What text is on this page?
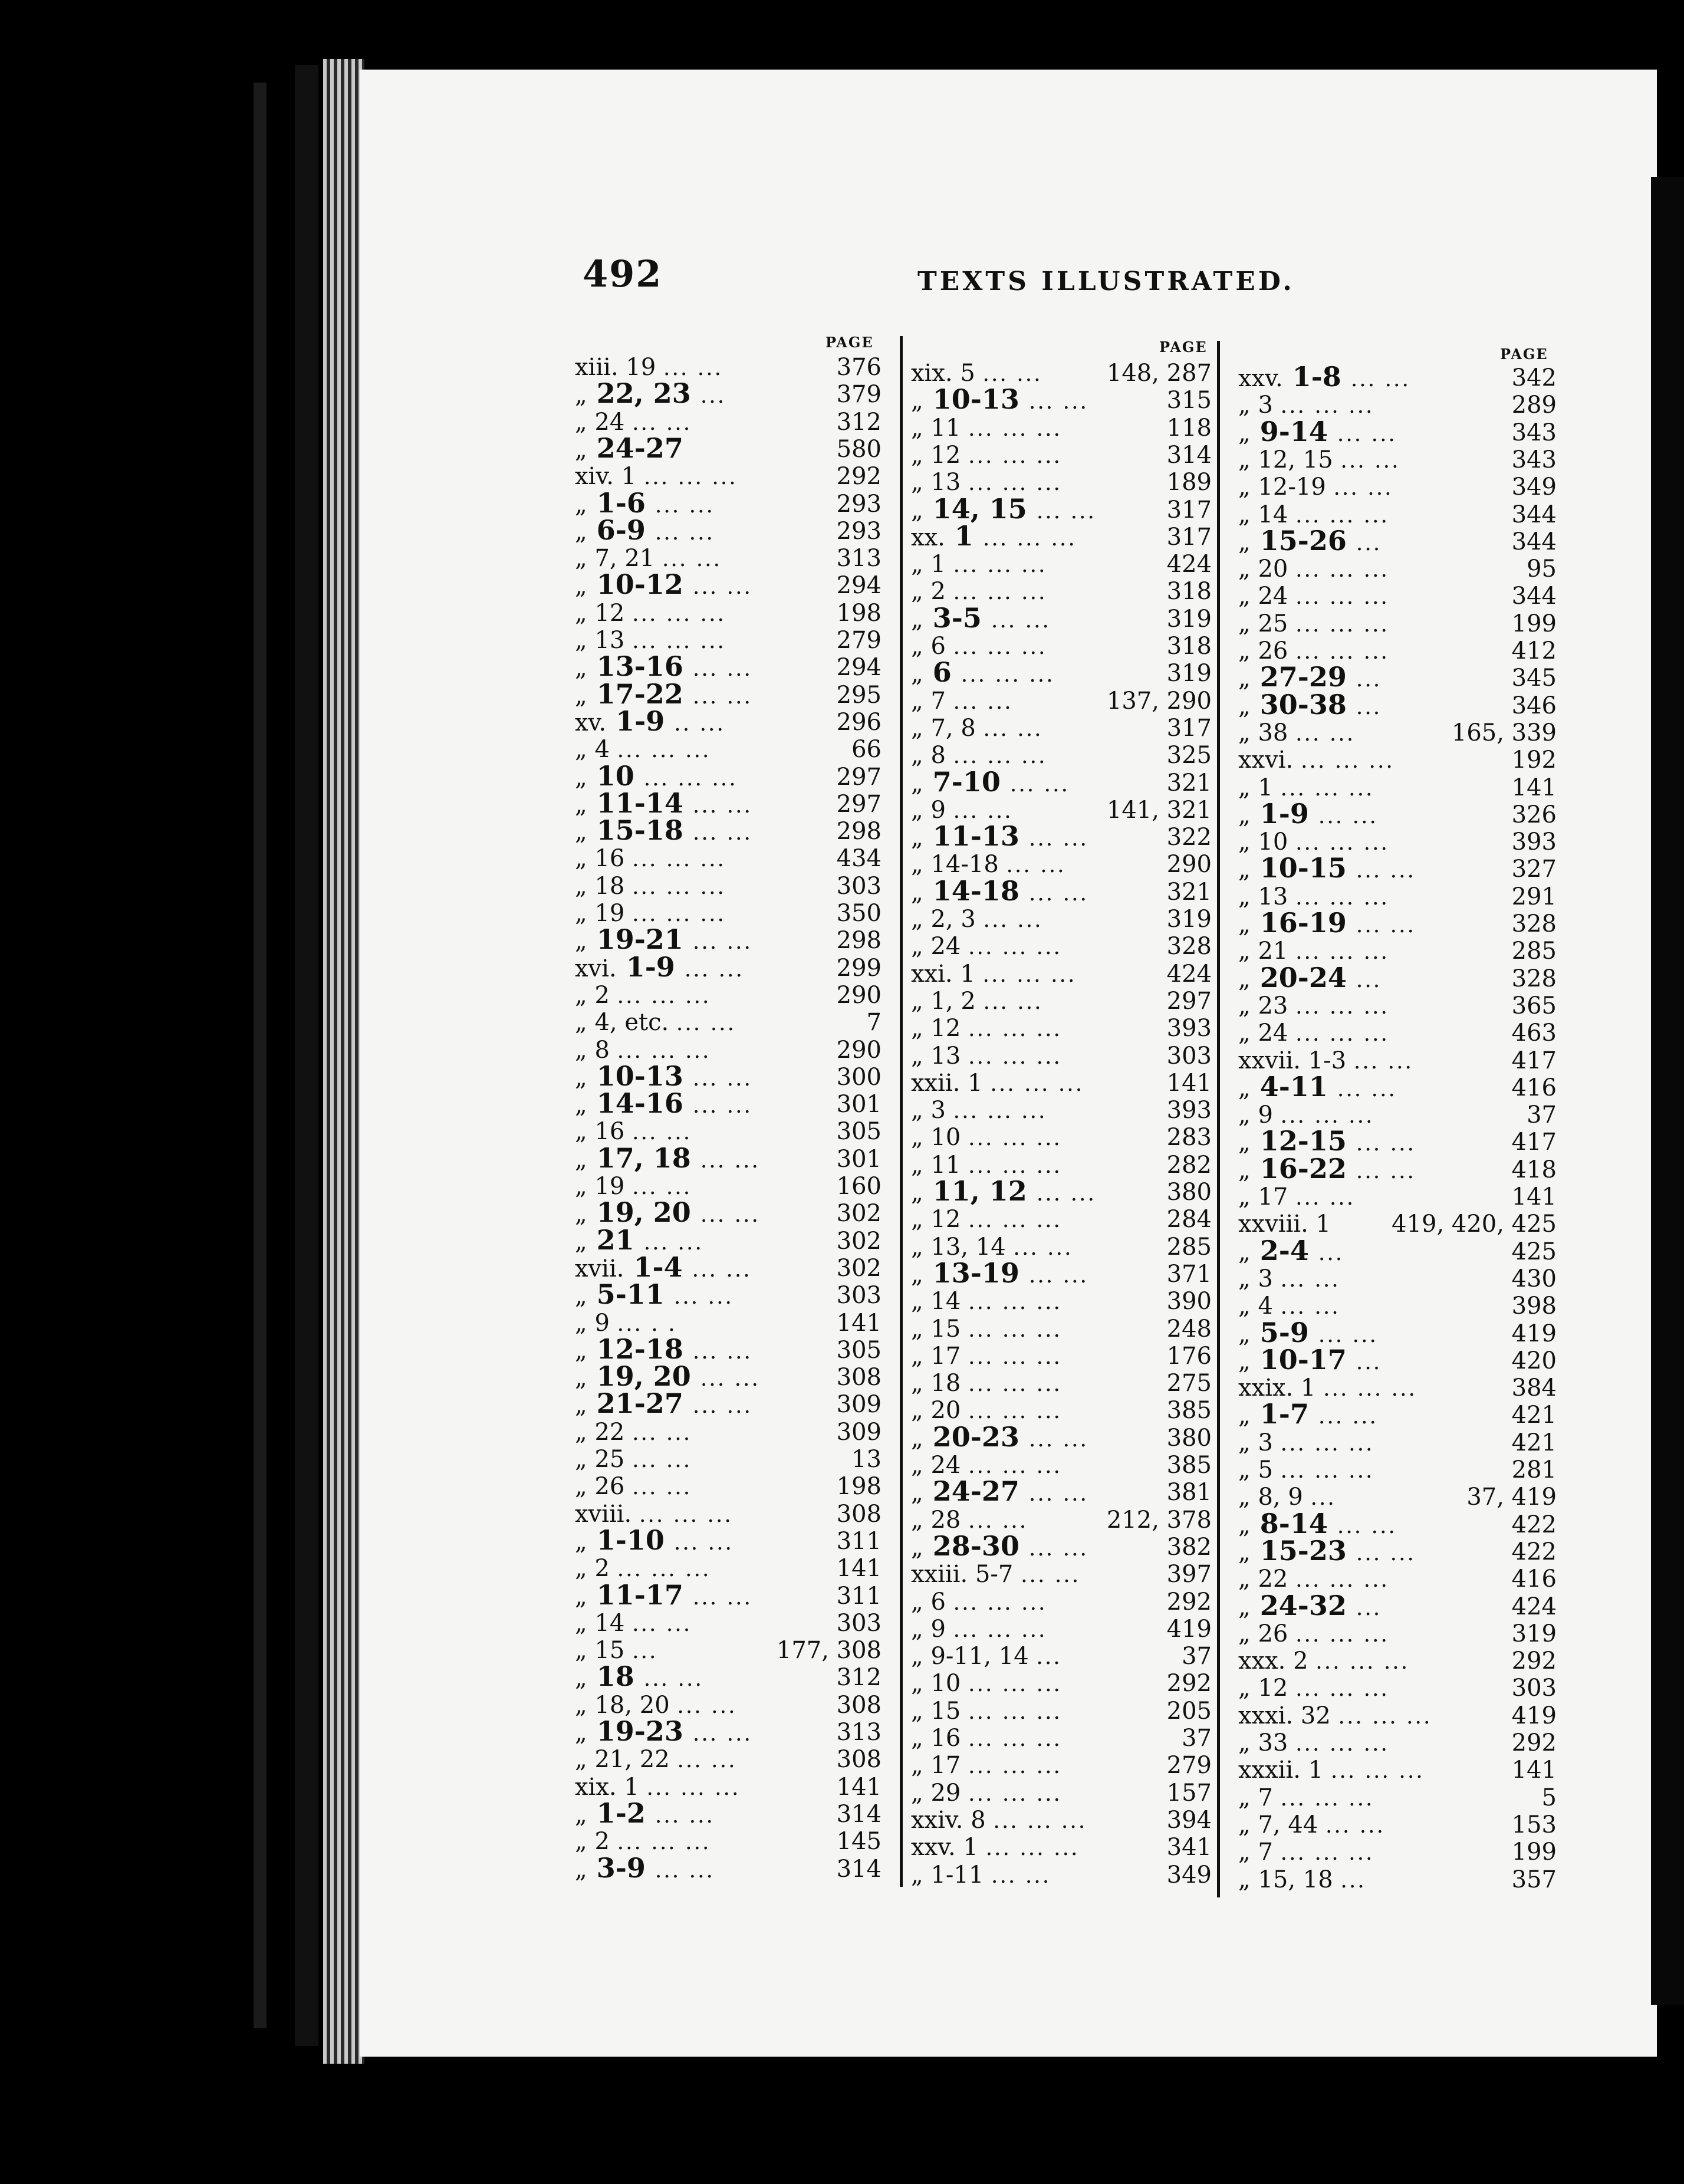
492	TEXTS ILLUSTRATED.
PAGE	PAGE	PAGE
xiii. 19 ... ...	376
„ 22, 23 ...	379
„ 24 ... ...	312
„ 24-27	580
xiv. 1 ... ... ...	292
„ 1-6 ... ...	293
„ 6-9 ... ...	293
„ 7, 21 ... ...	313
„ 10-12 ... ...	294
„ 12 ... ... ...	198
„ 13 ... ... ...	279
„ 13-16 ... ...	294
„ 17-22 ... ...	295
xv. 1-9 .. ...	296
„ 4 ... ... ...	66
„ 10 ... ... ...	297
„ 11-14 ... ...	297
„ 15-18 ... ...	298
„ 16 ... ... ...	434
„ 18 ... ... ...	303
„ 19 ... ... ...	350
„ 19-21 ... ...	298
xvi. 1-9 ... ...	299
„ 2 ... ... ...	290
„ 4, etc. ... ...	7
„ 8 ... ... ...	290
„ 10-13 ... ...	300
„ 14-16 ... ...	301
„ 16 ... ...	305
„ 17, 18 ... ...	301
„ 19 ... ...	160
„ 19, 20 ... ...	302
„ 21 ... ...	302
xvii. 1-4 ... ...	302
„ 5-11 ... ...	303
„ 9 ... . .	141
„ 12-18 ... ...	305
„ 19, 20 ... ...	308
„ 21-27 ... ...	309
„ 22 ... ...	309
„ 25 ... ...	13
„ 26 ... ...	198
xviii. ... ... ...	308
„ 1-10 ... ...	311
„ 2 ... ... ...	141
„ 11-17 ... ...	311
„ 14 ... ...	303
„ 15 ...	177, 308
„ 18 ... ...	312
„ 18, 20 ... ...	308
„ 19-23 ... ...	313
„ 21, 22 ... ...	308
xix. 1 ... ... ...	141
„ 1-2 ... ...	314
„ 2 ... ... ...	145
„ 3-9 ... ...	314
xix. 5 ... ...	148, 287
„ 10-13 ... ...	315
„ 11 ... ... ...	118
„ 12 ... ... ...	314
„ 13 ... ... ...	189
„ 14, 15 ... ...	317
xx. 1 ... ... ...	317
„ 1 ... ... ...	424
„ 2 ... ... ...	318
„ 3-5 ... ...	319
„ 6 ... ... ...	318
„ 6 ... ... ...	319
„ 7 ... ...	137, 290
„ 7, 8 ... ...	317
„ 8 ... ... ...	325
„ 7-10 ... ...	321
„ 9 ... ...	141, 321
„ 11-13 ... ...	322
„ 14-18 ... ...	290
„ 14-18 ... ...	321
„ 2, 3 ... ...	319
„ 24 ... ... ...	328
xxi. 1 ... ... ...	424
„ 1, 2 ... ...	297
„ 12 ... ... ...	393
„ 13 ... ... ...	303
xxii. 1 ... ... ...	141
„ 3 ... ... ...	393
„ 10 ... ... ...	283
„ 11 ... ... ...	282
„ 11, 12 ... ...	380
„ 12 ... ... ...	284
„ 13, 14 ... ...	285
„ 13-19 ... ...	371
„ 14 ... ... ...	390
„ 15 ... ... ...	248
„ 17 ... ... ...	176
„ 18 ... ... ...	275
„ 20 ... ... ...	385
„ 20-23 ... ...	380
„ 24 ... ... ...	385
„ 24-27 ... ...	381
„ 28 ... ...	212, 378
„ 28-30 ... ...	382
xxiii. 5-7 ... ...	397
„ 6 ... ... ...	292
„ 9 ... ... ...	419
„ 9-11, 14 ...	37
„ 10 ... ... ...	292
„ 15 ... ... ...	205
„ 16 ... ... ...	37
„ 17 ... ... ...	279
„ 29 ... ... ...	157
xxiv. 8 ... ... ...	394
xxv. 1 ... ... ...	341
„ 1-11 ... ...	349
xxv. 1-8 ... ...	342
„ 3 ... ... ...	289
„ 9-14 ... ...	343
„ 12, 15 ... ...	343
„ 12-19 ... ...	349
„ 14 ... ... ...	344
„ 15-26 ...	344
„ 20 ... ... ...	95
„ 24 ... ... ...	344
„ 25 ... ... ...	199
„ 26 ... ... ...	412
„ 27-29 ...	345
„ 30-38 ...	346
„ 38 ... ...	165, 339
xxvi. ... ... ...	192
„ 1 ... ... ...	141
„ 1-9 ... ...	326
„ 10 ... ... ...	393
„ 10-15 ... ...	327
„ 13 ... ... ...	291
„ 16-19 ... ...	328
„ 21 ... ... ...	285
„ 20-24 ...	328
„ 23 ... ... ...	365
„ 24 ... ... ...	463
xxvii. 1-3 ... ...	417
„ 4-11 ... ...	416
„ 9 ... ... ...	37
„ 12-15 ... ...	417
„ 16-22 ... ...	418
„ 17 ... ...	141
xxviii. 1	419, 420, 425
„ 2-4 ...	425
„ 3 ... ...	430
„ 4 ... ...	398
„ 5-9 ... ...	419
„ 10-17 ...	420
xxix. 1 ... ... ...	384
„ 1-7 ... ...	421
„ 3 ... ... ...	421
„ 5 ... ... ...	281
„ 8, 9 ...	37, 419
„ 8-14 ... ...	422
„ 15-23 ... ...	422
„ 22 ... ... ...	416
„ 24-32 ...	424
„ 26 ... ... ...	319
xxx. 2 ... ... ...	292
„ 12 ... ... ...	303
xxxi. 32 ... ... ...	419
„ 33 ... ... ...	292
xxxii. 1 ... ... ...	141
„ 7 ... ... ...	5
„ 7, 44 ... ...	153
„ 7 ... ... ...	199
„ 15, 18 ...	357
